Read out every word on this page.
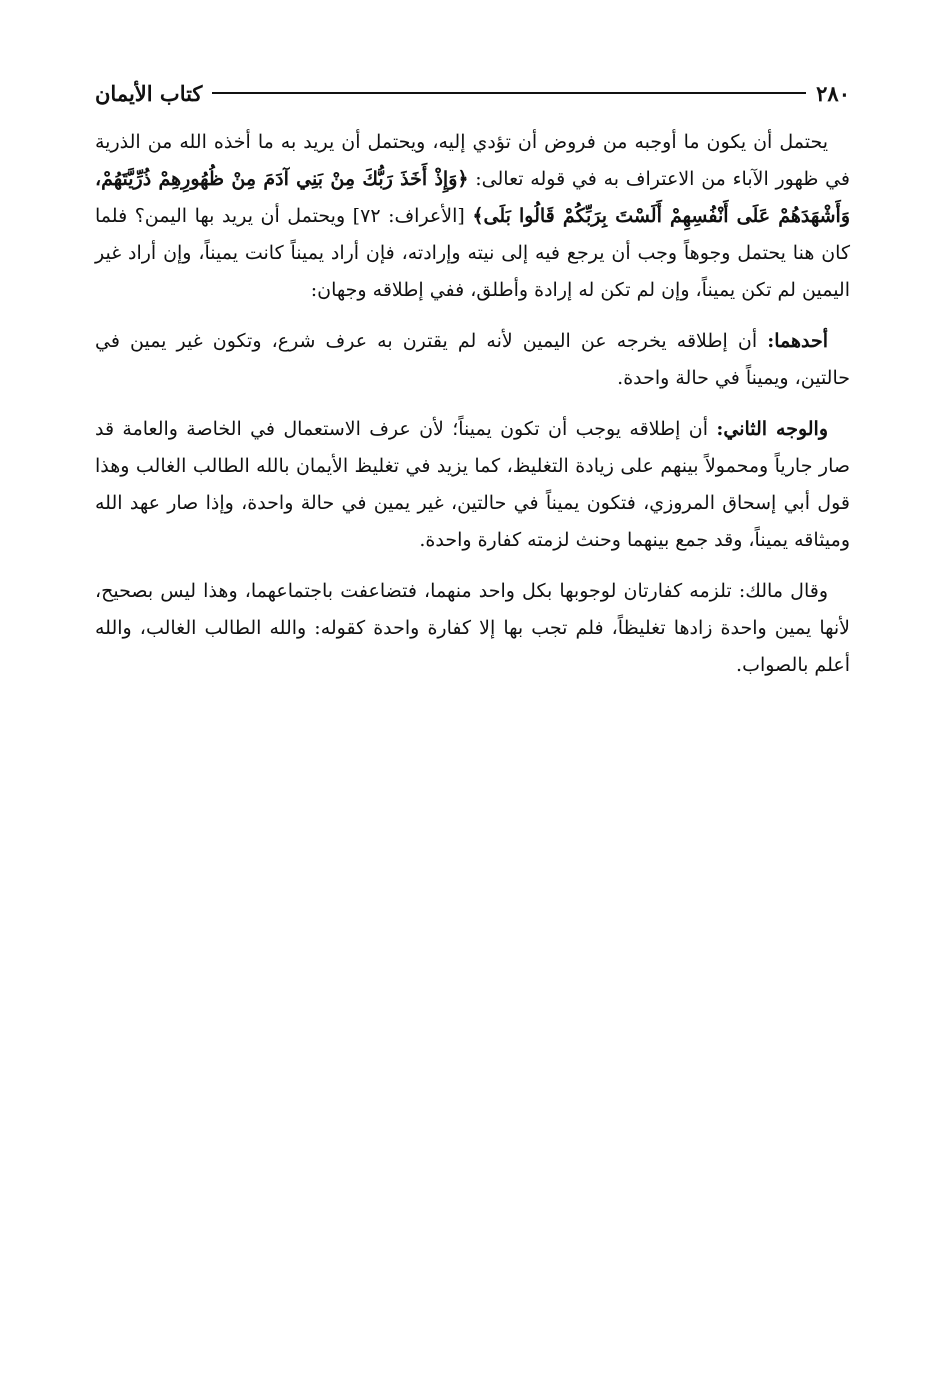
٢٨٠
كتاب الأيمان

يحتمل أن يكون ما أوجبه من فروض أن تؤدي إليه، ويحتمل أن يريد به ما أخذه الله من الذرية في ظهور الآباء من الاعتراف به في قوله تعالى: ﴿وَإِذْ أَخَذَ رَبُّكَ مِنْ بَنِي آدَمَ مِنْ ظُهُورِهِمْ ذُرِّيَّتَهُمْ، وَأَشْهَدَهُمْ عَلَى أَنْفُسِهِمْ أَلَسْتَ بِرَبِّكُمْ قَالُوا بَلَى﴾ [الأعراف: ٧٢] ويحتمل أن يريد بها اليمن؟ فلما كان هنا يحتمل وجوهاً وجب أن يرجع فيه إلى نيته وإرادته، فإن أراد يميناً كانت يميناً، وإن أراد غير اليمين لم تكن يميناً، وإن لم تكن له إرادة وأطلق، ففي إطلاقه وجهان:

أحدهما: أن إطلاقه يخرجه عن اليمين لأنه لم يقترن به عرف شرع، وتكون غير يمين في حالتين، ويميناً في حالة واحدة.

والوجه الثاني: أن إطلاقه يوجب أن تكون يميناً؛ لأن عرف الاستعمال في الخاصة والعامة قد صار جارياً ومحمولاً بينهم على زيادة التغليظ، كما يزيد في تغليظ الأيمان بالله الطالب الغالب وهذا قول أبي إسحاق المروزي، فتكون يميناً في حالتين، غير يمين في حالة واحدة، وإذا صار عهد الله وميثاقه يميناً، وقد جمع بينهما وحنث لزمته كفارة واحدة.

وقال مالك: تلزمه كفارتان لوجوبها بكل واحد منهما، فتضاعفت باجتماعهما، وهذا ليس بصحيح، لأنها يمين واحدة زادها تغليظاً، فلم تجب بها إلا كفارة واحدة كقوله: والله الطالب الغالب، والله أعلم بالصواب.
